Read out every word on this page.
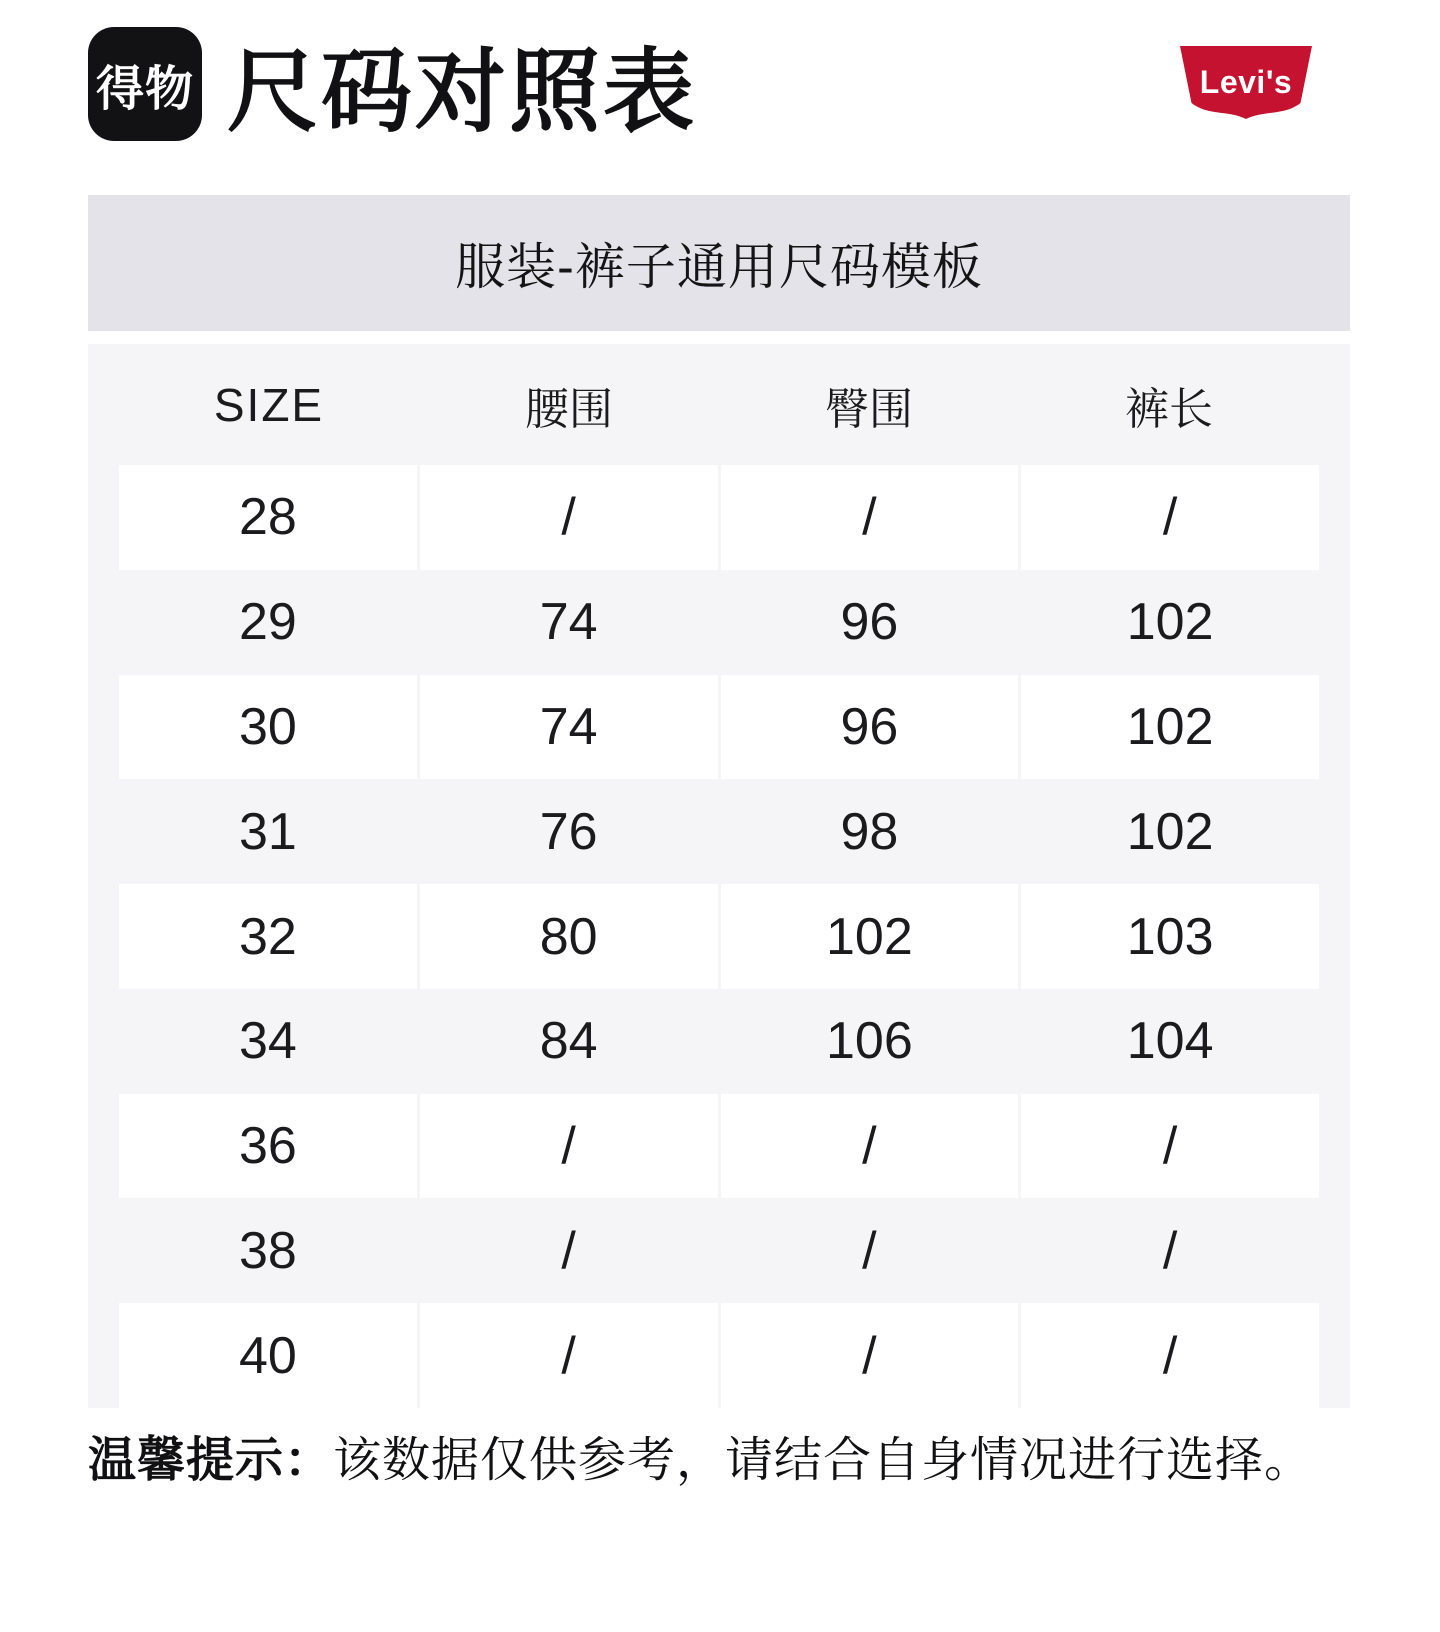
得物 尺码对照表	Levi's
服装-裤子通用尺码模板
SIZE	腰围	臀围	裤长
28	/	/	/
29	74	96	102
30	74	96	102
31	76	98	102
32	80	102	103
34	84	106	104
36	/	/	/
38	/	/	/
40	/	/	/

温馨提示：该数据仅供参考，请结合自身情况进行选择。
